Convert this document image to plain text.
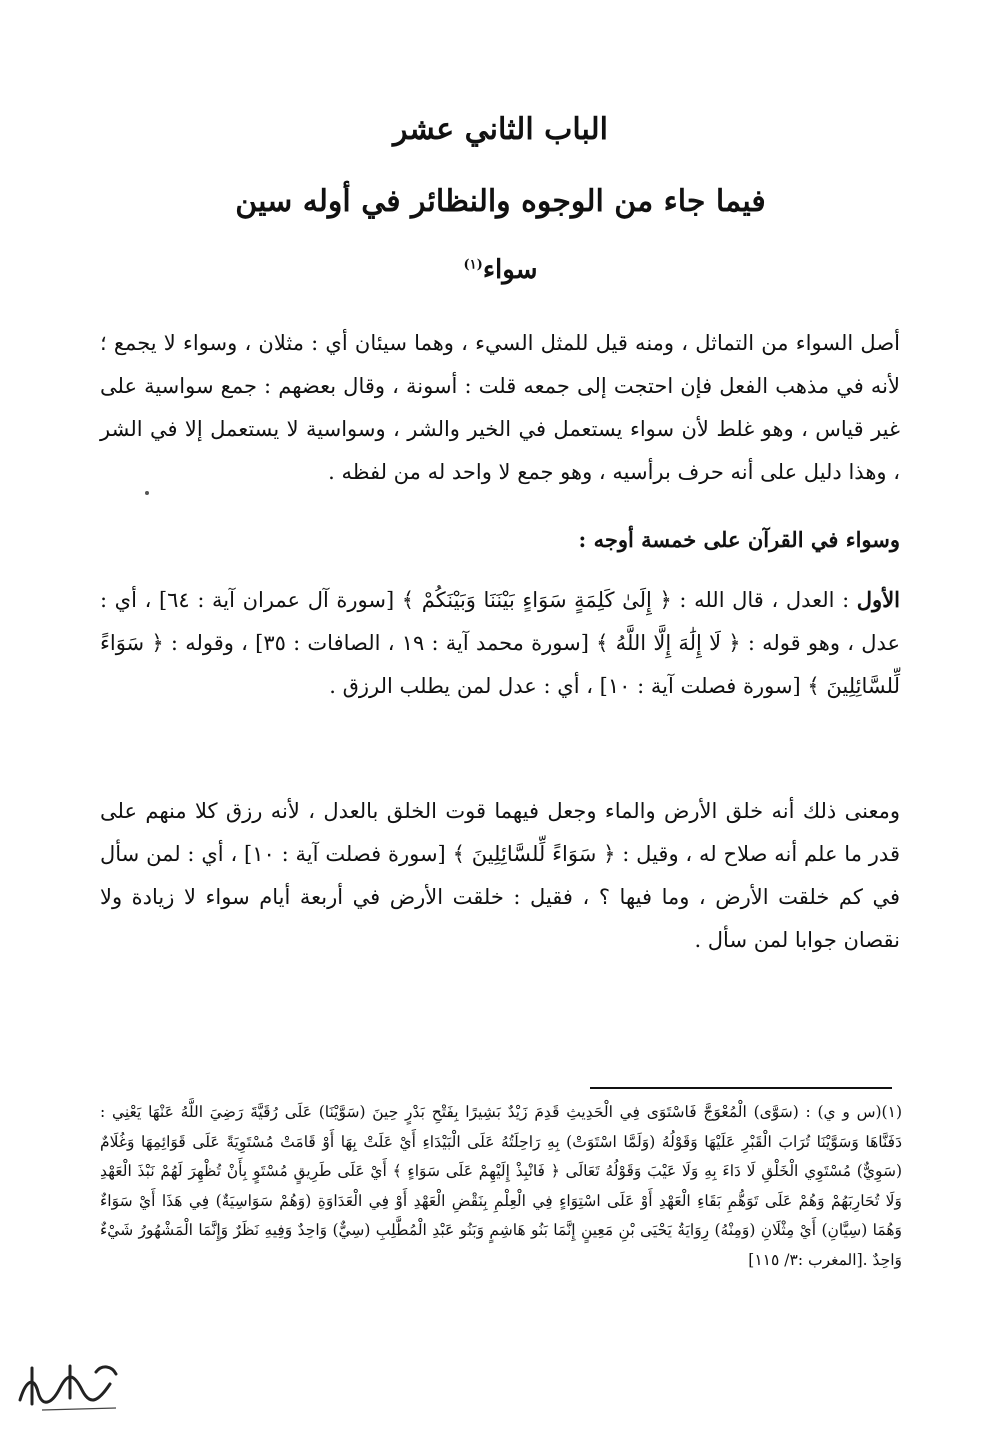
الباب الثاني عشر
فيما جاء من الوجوه والنظائر في أوله سين
سواء$^{(١)}$
أصل السواء من التماثل ، ومنه قيل للمثل السيء ، وهما سيئان أي : مثلان ، وسواء لا يجمع ؛ لأنه في مذهب الفعل فإن احتجت إلى جمعه قلت : أسونة ، وقال بعضهم : جمع سواسية على غير قياس ، وهو غلط لأن سواء يستعمل في الخير والشر ، وسواسية لا يستعمل إلا في الشر ، وهذا دليل على أنه حرف برأسيه ، وهو جمع لا واحد له من لفظه .
وسواء في القرآن على خمسة أوجه :
الأول : العدل ، قال الله : ﴿ إِلَىٰ كَلِمَةٍ سَوَاءٍ بَيْنَنَا وَبَيْنَكُمْ ﴾ [سورة آل عمران آية : ٦٤] ، أي : عدل ، وهو قوله : ﴿ لَا إِلَٰهَ إِلَّا اللَّهُ ﴾ [سورة محمد آية : ١٩ ، الصافات : ٣٥] ، وقوله : ﴿ سَوَاءً لِّلسَّائِلِينَ ﴾ [سورة فصلت آية : ١٠] ، أي : عدل لمن يطلب الرزق .
ومعنى ذلك أنه خلق الأرض والماء وجعل فيهما قوت الخلق بالعدل ، لأنه رزق كلا منهم على قدر ما علم أنه صلاح له ، وقيل : ﴿ سَوَاءً لِّلسَّائِلِينَ ﴾ [سورة فصلت آية : ١٠] ، أي : لمن سأل في كم خلقت الأرض ، وما فيها ؟ ، فقيل : خلقت الأرض في أربعة أيام سواء لا زيادة ولا نقصان جوابا لمن سأل .
(١)(س و ي) : (سَوَّى) الْمُعْوَجَّ فَاسْتَوَى فِي الْحَدِيثِ قَدِمَ زَيْدٌ بَشِيرًا بِفَتْحِ بَدْرٍ حِينَ (سَوَّيْنَا) عَلَى رُقَيَّةَ رَضِيَ اللَّهُ عَنْهَا يَعْنِي : دَفَنَّاهَا وَسَوَّيْنَا تُرَابَ الْقَبْرِ عَلَيْهَا وَقَوْلُهُ (وَلَمَّا اسْتَوَتْ) بِهِ رَاحِلَتُهُ عَلَى الْبَيْدَاءِ أَيْ عَلَتْ بِهَا أَوْ قَامَتْ مُسْتَوِيَةً عَلَى قَوَائِمِهَا وَغُلَامٌ (سَوِيٌّ) مُسْتَوِي الْخَلْقِ لَا دَاءَ بِهِ وَلَا عَيْبَ وَقَوْلُهُ تَعَالَى ﴿ فَانْبِذْ إِلَيْهِمْ عَلَى سَوَاءٍ ﴾ أَيْ عَلَى طَرِيقٍ مُسْتَوٍ بِأَنْ تُظْهِرَ لَهُمْ نَبْذَ الْعَهْدِ وَلَا تُحَارِبَهُمْ وَهُمْ عَلَى تَوَهُّمِ بَقَاءِ الْعَهْدِ أَوْ عَلَى اسْتِوَاءٍ فِي الْعِلْمِ بِنَقْضِ الْعَهْدِ أَوْ فِي الْعَدَاوَةِ (وَهُمْ سَوَاسِيَةٌ) فِي هَذَا أَيْ سَوَاءٌ وَهُمَا (سِيَّانِ) أَيْ مِثْلَانِ (وَمِنْهُ) رِوَايَةُ يَحْيَى بْنِ مَعِينٍ إِنَّمَا بَنُو هَاشِمٍ وَبَنُو عَبْدِ الْمُطَّلِبِ (سِيٌّ) وَاحِدٌ وَفِيهِ نَظَرٌ وَإِنَّمَا الْمَشْهُورُ شَيْءٌ وَاحِدٌ .[المغرب :٣/ ١١٥]
